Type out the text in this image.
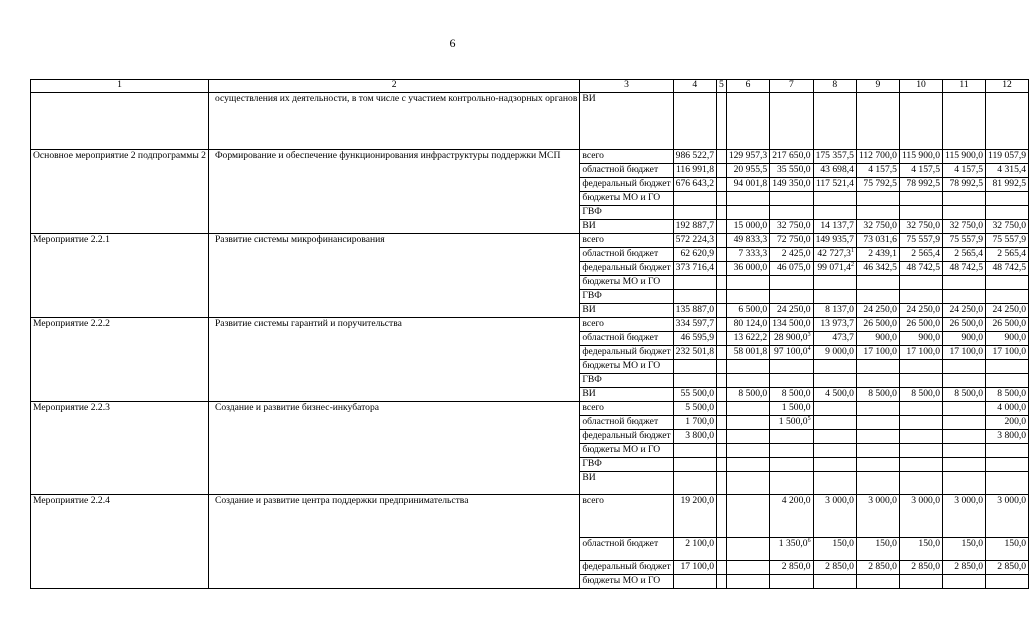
6
1	2	3	4	5	6	7	8	9	10	11	12
	осуществления их деятельности, в том числе с участием контрольно-надзорных органов	ВИ									
Основное мероприятие 2 подпрограммы 2	Формирование и обеспечение функционирования инфраструктуры поддержки МСП	всего	986 522,7		129 957,3	217 650,0	175 357,5	112 700,0	115 900,0	115 900,0	119 057,9
		областной бюджет	116 991,8		20 955,5	35 550,0	43 698,4	4 157,5	4 157,5	4 157,5	4 315,4
		федеральный бюджет	676 643,2		94 001,8	149 350,0	117 521,4	75 792,5	78 992,5	78 992,5	81 992,5
		бюджеты МО и ГО									
		ГВФ									
		ВИ	192 887,7		15 000,0	32 750,0	14 137,7	32 750,0	32 750,0	32 750,0	32 750,0
Мероприятие 2.2.1	Развитие системы микрофинансирования	всего	572 224,3		49 833,3	72 750,0	149 935,7	73 031,6	75 557,9	75 557,9	75 557,9
		областной бюджет	62 620,9		7 333,3	2 425,0	42 727,3$^1$	2 439,1	2 565,4	2 565,4	2 565,4
		федеральный бюджет	373 716,4		36 000,0	46 075,0	99 071,4$^2$	46 342,5	48 742,5	48 742,5	48 742,5
		бюджеты МО и ГО									
		ГВФ									
		ВИ	135 887,0		6 500,0	24 250,0	8 137,0	24 250,0	24 250,0	24 250,0	24 250,0
Мероприятие 2.2.2	Развитие системы гарантий и поручительства	всего	334 597,7		80 124,0	134 500,0	13 973,7	26 500,0	26 500,0	26 500,0	26 500,0
		областной бюджет	46 595,9		13 622,2	28 900,0$^3$	473,7	900,0	900,0	900,0	900,0
		федеральный бюджет	232 501,8		58 001,8	97 100,0$^4$	9 000,0	17 100,0	17 100,0	17 100,0	17 100,0
		бюджеты МО и ГО									
		ГВФ									
		ВИ	55 500,0		8 500,0	8 500,0	4 500,0	8 500,0	8 500,0	8 500,0	8 500,0
Мероприятие 2.2.3	Создание и развитие бизнес-инкубатора	всего	5 500,0			1 500,0					4 000,0
		областной бюджет	1 700,0			1 500,0$^5$					200,0
		федеральный бюджет	3 800,0								3 800,0
		бюджеты МО и ГО									
		ГВФ									
		ВИ									
Мероприятие 2.2.4	Создание и развитие центра поддержки предпринимательства	всего	19 200,0			4 200,0	3 000,0	3 000,0	3 000,0	3 000,0	3 000,0
		областной бюджет	2 100,0			1 350,0$^6$	150,0	150,0	150,0	150,0	150,0
		федеральный бюджет	17 100,0			2 850,0	2 850,0	2 850,0	2 850,0	2 850,0	2 850,0
		бюджеты МО и ГО									
